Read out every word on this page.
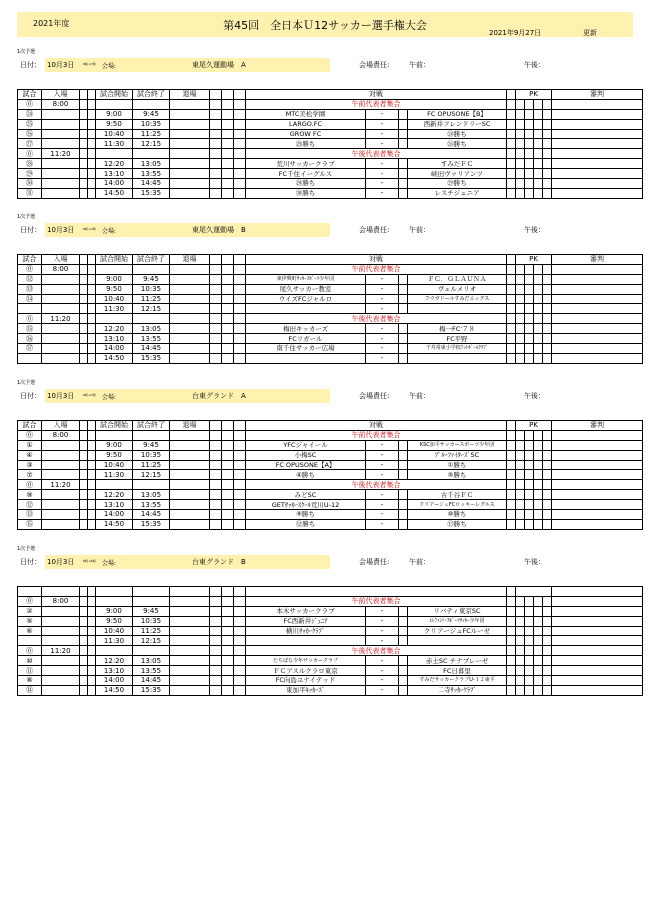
2021年度	第45回　全日本Ｕ12サッカー選手権大会
2021年9月27日	更新
1次予選
日付： 10月3日	8時-17時 会場:	東尾久運動場　A	会場責任:	午前：	午後：
試合	入場			試合開始	試合終了	退場				対戦					PK				審判
⓪	8:00									午前代表者集合									
㉔				9:00	9:45					MTC美松学園	-		FC OPUSONE【B】						
㉕				9:50	10:35					LARGO.FC	-		西新井フレンドリーSC						
㉖				10:40	11:25					GROW FC	-		㉔勝ち						
㉗				11:30	12:15					㉕勝ち	-		㉖勝ち						
⓪	11:20									午後代表者集合									
㉘				12:20	13:05					荒川サッカークラブ	-		すみだＦＣ						
㉙				13:10	13:55					FC千住イーグルス	-		峡田ヴァリアンツ						
㉚				14:00	14:45					㉘勝ち	-		㉙勝ち						
㉛				14:50	15:35					㉚勝ち	-		レスチジュニア						
1次予選
日付： 10月3日	8時-17時 会場:	東尾久運動場　B	会場責任:	午前：	午後：
試合	入場			試合開始	試合終了	退場				対戦					PK				審判
⓪	8:00									午前代表者集合									
㉜				9:00	9:45					東伊興町ｻｯｶｰｽﾎﾟｰﾂ少年団	-		ＦＣ．ＧＬＡＵＮＡ						
㉝				9:50	10:35					尾久サッカー教室	-		ヴェルメリオ						
㉞				10:40	11:25					ウイズFCジャルロ	-		フウガドールすみだエッグス						
				11:30	12:15						-								
⓪	11:20									午後代表者集合									
㉟				12:20	13:05					梅田キッカーズ	-		梅一FC'７８						
㊱				13:10	13:55					FCリガール	-		FC平野						
㊲				14:00	14:45					南千住サッカー広場	-		千寿常東小学校ﾌｯﾄﾎﾞｰﾙｸﾗﾌﾞ						
				14:50	15:35						-								
1次予選
日付： 10月3日	8時-17時 会場:	台東グランド　A	会場責任:	午前：	午後：
試合	入場			試合開始	試合終了	退場				対戦					PK				審判
⓪	8:00									午前代表者集合									
①				9:00	9:45					YFCジャイール	-		KSC加平サッカースポーツ少年団						
④				9:50	10:35					小梅SC	-		ﾌﾞﾙｰﾌｧｲﾀｰｽﾞSC						
③				10:40	11:25					FC OPUSONE【A】	-		①勝ち						
⑦				11:30	12:15					④勝ち	-		⑤勝ち						
⓪	11:20									午後代表者集合									
⑨				12:20	13:05					みどSC	-		古千谷ＦＣ						
⑫				13:10	13:55					GETｻｯｶｰｽｸｰﾙ荒川U-12	-		クリアージュFCロッキーレグルス						
⑬				14:00	14:45					⑨勝ち	-		⑩勝ち						
⑮				14:50	15:35					⑫勝ち	-		⑬勝ち						
1次予選
日付： 10月3日	8時-16時 会場:	台東グランド　B	会場責任:	午前：	午後：

⓪	8:00									午前代表者集合									
②				9:00	9:45					本木サッカークラブ	-		リバティ東京SC						
⑤				9:50	10:35					FC西新井ｼﾞｭﾆｱ	-		ｴﾚﾌｧﾝﾄ･ｽﾎﾟｰﾂｻｯｶｰ少年団						
⑥				10:40	11:25					横川ｻｯｶｰｸﾗﾌﾞ	-		クリアージュFCルーゼ						
				11:30	12:15						-								
⓪	11:20									午後代表者集合									
⑩				12:20	13:05					たちばな少年サッカークラブ	-		赤土SC チナブレーゼ						
⑪				13:10	13:55					ＦＣアスルクラロ東京	-		FC日暮里						
⑧				14:00	14:45					FC向島ユナイテッド	-		すみだサッカークラブU-１２東平						
⑭				14:50	15:35					東加平ｷｯｶｰｽﾞ	-		二寺ｻｯｶｰｸﾗﾌﾞ						
